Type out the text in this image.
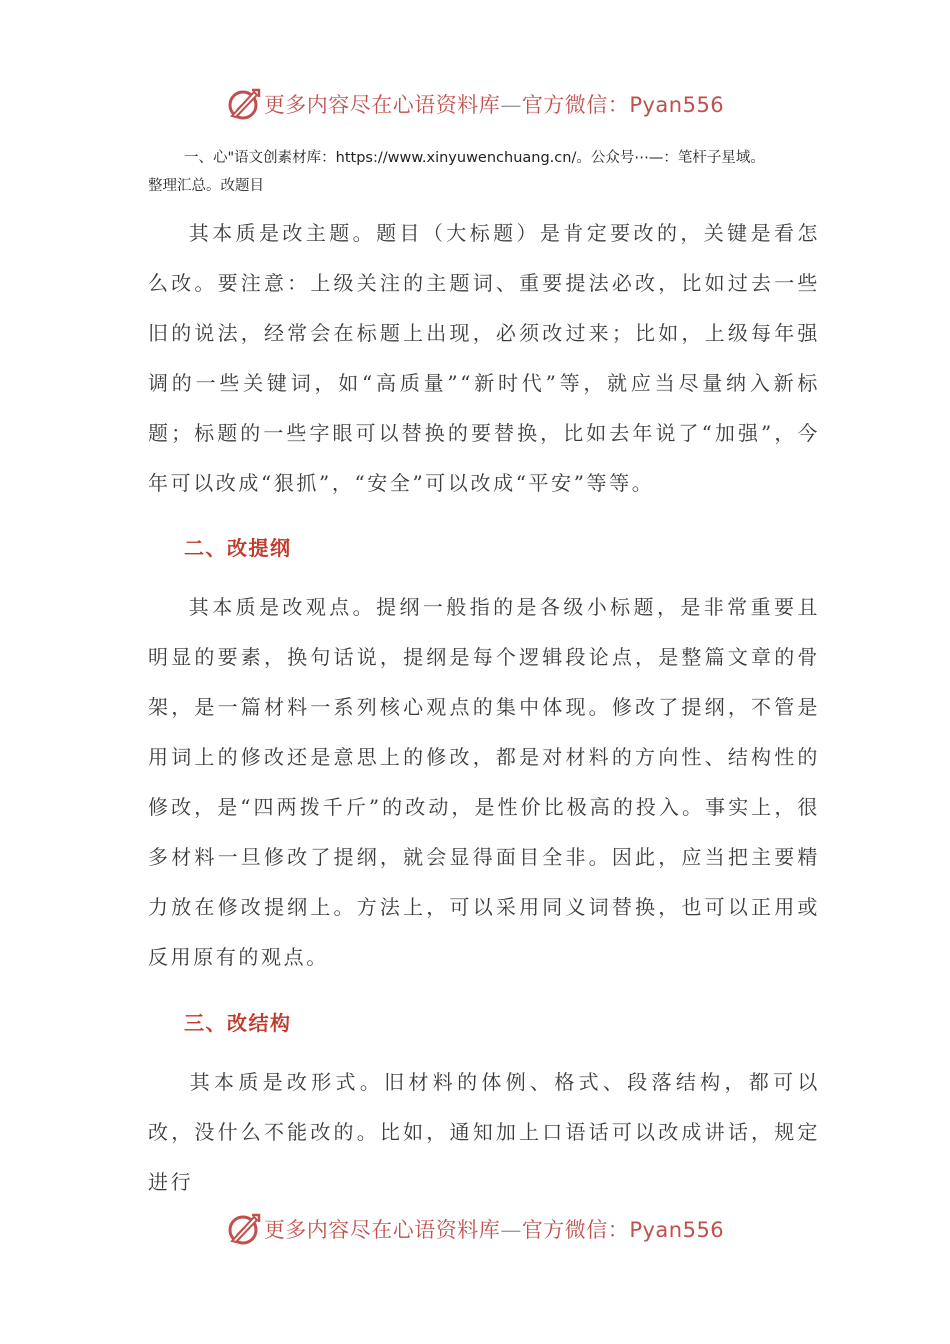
更多内容尽在心语资料库—官方微信：Pyan556
一、心"语文创素材库：https://www.xinyuwenchuang.cn/。公众号⋯—：笔杆子星域。
整理汇总。改题目
其本质是改主题。题目（大标题）是肯定要改的，关键是看怎么改。要注意：上级关注的主题词、重要提法必改，比如过去一些旧的说法，经常会在标题上出现，必须改过来；比如，上级每年强调的一些关键词，如“高质量”“新时代”等，就应当尽量纳入新标题；标题的一些字眼可以替换的要替换，比如去年说了“加强”，今年可以改成“狠抓”，“安全”可以改成“平安”等等。
二、改提纲
其本质是改观点。提纲一般指的是各级小标题，是非常重要且明显的要素，换句话说，提纲是每个逻辑段论点，是整篇文章的骨架，是一篇材料一系列核心观点的集中体现。修改了提纲，不管是用词上的修改还是意思上的修改，都是对材料的方向性、结构性的修改，是“四两拨千斤”的改动，是性价比极高的投入。事实上，很多材料一旦修改了提纲，就会显得面目全非。因此，应当把主要精力放在修改提纲上。方法上，可以采用同义词替换，也可以正用或反用原有的观点。
三、改结构
其本质是改形式。旧材料的体例、格式、段落结构，都可以改，没什么不能改的。比如，通知加上口语话可以改成讲话，规定进行
更多内容尽在心语资料库—官方微信：Pyan556
